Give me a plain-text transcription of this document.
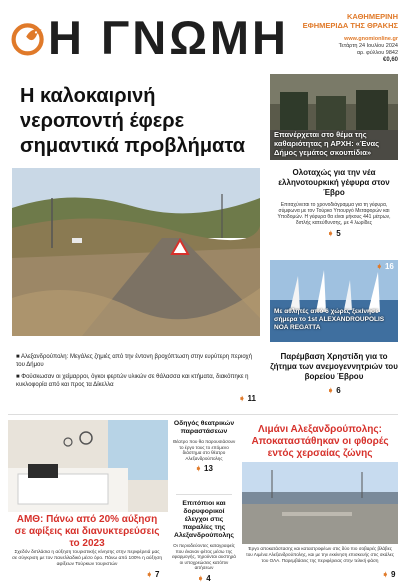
Η ΓΝΩΜΗ	ΚΑΘΗΜΕΡΙΝΗ
ΕΦΗΜΕΡΙΔΑ ΤΗΣ ΘΡΑΚΗΣ
www.gnomionline.gr
Τετάρτη 24 Ιουλίου 2024
αρ. φύλλου 9842
€0,60
Η καλοκαιρινή νεροποντή έφερε σημαντικά προβλήματα
■ Αλεξανδρούπολη: Μεγάλες ζημιές από την έντονη βροχόπτωση στην ευρύτερη περιοχή του Δήμου
■ Φούσκωσαν οι χείμαρροι, όγκοι φερτών υλικών σε θάλασσα και κτήματα, διακόπηκε η κυκλοφορία από και προς τα Δίκελλα
➧ 11
Επανέρχεται στο θέμα της καθαριότητας η ΑΡΧΗ: «Ένας Δήμος γεμάτος σκουπίδια»
Ολοταχώς για την νέα ελληνοτουρκική γέφυρα στον Έβρο
Επιταχύνεται το χρονοδιάγραμμα για τη γέφυρα, σύμφωνα με τον Τούρκο Υπουργό Μεταφορών και Υποδομών. Η γέφυρα θα είναι μήκους 441 μέτρων, διπλής κατεύθυνσης, με 4 λωρίδες
➧ 5
➧ 16
Με αθλητές από 6 χώρες ξεκίνησε σήμερα το 1st ALEXANDROUPOLIS NOA REGATTA
Παρέμβαση Χρηστίδη για το ζήτημα των ανεμογεννητριών του βορείου Έβρου
➧ 6
ΑΜΘ: Πάνω από 20% αύξηση σε αφίξεις και διανυκτερεύσεις το 2023
Σχεδόν διπλάσια η αύξηση τουριστικής κίνησης στην περιφέρειά μας σε σύγκριση με τον πανελλαδικό μέσο όρο. Πάνω από 100% η αύξηση αφίξεων Τούρκων τουριστών
➧ 7
Οδηγός θεατρικών παραστάσεων
Θέατρο που θα παρουσιάσουν το έργο τους το επόμενο διάστημα στο θέατρο Αλεξανδρούπολης
➧ 13
Επιτόπιοι και δορυφορικοί έλεγχοι στις παραλίες της Αλεξανδρούπολης
Οι περιοδεύοντες καταγραφείς που έκαναν φέτος μέσω της εφαρμογής, τηρούνται αυστηρά οι υποχρεώσεις κατόπιν αιτήσεων
➧ 4
Λιμάνι Αλεξανδρούπολης: Αποκαταστάθηκαν οι φθορές εντός χερσαίας ζώνης
Έργο αποκατάστασης και καταστροφέων στις δύο πιο σοβαρές βλάβες του Λιμένα Αλεξανδρούπολης, και με την εκκίνηση επισκευής στις σκάλες του ΟΛΑ. Παρεμβάσεις της περιφέρειας στην τελική φάση
➧ 9
